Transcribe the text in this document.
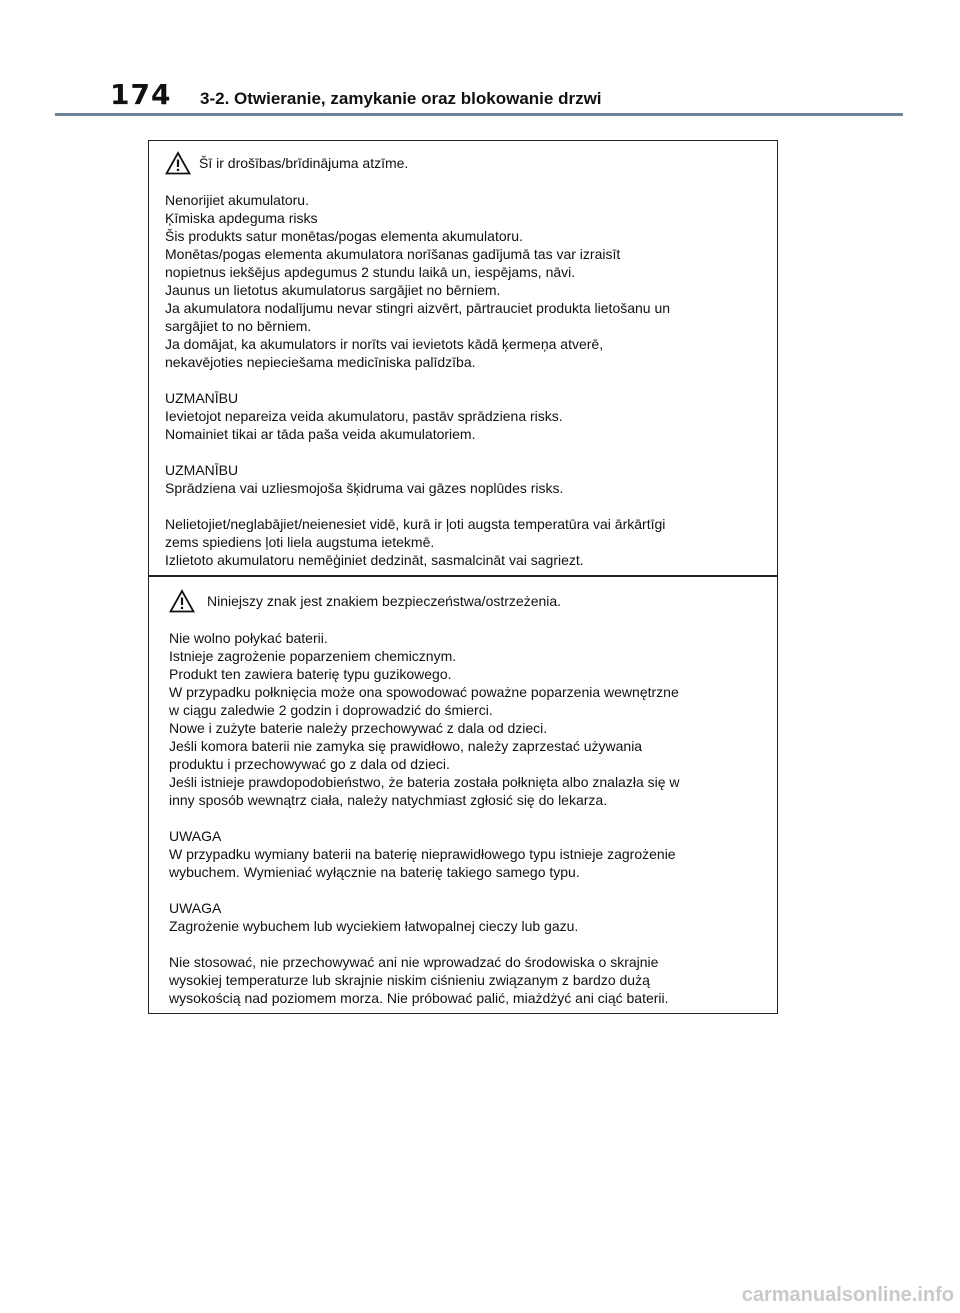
174	3-2. Otwieranie, zamykanie oraz blokowanie drzwi
Šī ir drošības/brīdinājuma atzīme.
Nenorijiet akumulatoru.
Ķīmiska apdeguma risks
Šis produkts satur monētas/pogas elementa akumulatoru.
Monētas/pogas elementa akumulatora norīšanas gadījumā tas var izraisīt
nopietnus iekšējus apdegumus 2 stundu laikā un, iespējams, nāvi.
Jaunus un lietotus akumulatorus sargājiet no bērniem.
Ja akumulatora nodalījumu nevar stingri aizvērt, pārtrauciet produkta lietošanu un
sargājiet to no bērniem.
Ja domājat, ka akumulators ir norīts vai ievietots kādā ķermeņa atverē,
nekavējoties nepieciešama medicīniska palīdzība.
UZMANĪBU
Ievietojot nepareiza veida akumulatoru, pastāv sprādziena risks.
Nomainiet tikai ar tāda paša veida akumulatoriem.
UZMANĪBU
Sprādziena vai uzliesmojoša šķidruma vai gāzes noplūdes risks.
Nelietojiet/neglabājiet/neienesiet vidē, kurā ir ļoti augsta temperatūra vai ārkārtīgi
zems spiediens ļoti liela augstuma ietekmē.
Izlietoto akumulatoru nemēģiniet dedzināt, sasmalcināt vai sagriezt.
Niniejszy znak jest znakiem bezpieczeństwa/ostrzeżenia.
Nie wolno połykać baterii.
Istnieje zagrożenie poparzeniem chemicznym.
Produkt ten zawiera baterię typu guzikowego.
W przypadku połknięcia może ona spowodować poważne poparzenia wewnętrzne
w ciągu zaledwie 2 godzin i doprowadzić do śmierci.
Nowe i zużyte baterie należy przechowywać z dala od dzieci.
Jeśli komora baterii nie zamyka się prawidłowo, należy zaprzestać używania
produktu i przechowywać go z dala od dzieci.
Jeśli istnieje prawdopodobieństwo, że bateria została połknięta albo znalazła się w
inny sposób wewnątrz ciała, należy natychmiast zgłosić się do lekarza.
UWAGA
W przypadku wymiany baterii na baterię nieprawidłowego typu istnieje zagrożenie
wybuchem. Wymieniać wyłącznie na baterię takiego samego typu.
UWAGA
Zagrożenie wybuchem lub wyciekiem łatwopalnej cieczy lub gazu.
Nie stosować, nie przechowywać ani nie wprowadzać do środowiska o skrajnie
wysokiej temperaturze lub skrajnie niskim ciśnieniu związanym z bardzo dużą
wysokością nad poziomem morza. Nie próbować palić, miażdżyć ani ciąć baterii.
carmanualsonline.info
